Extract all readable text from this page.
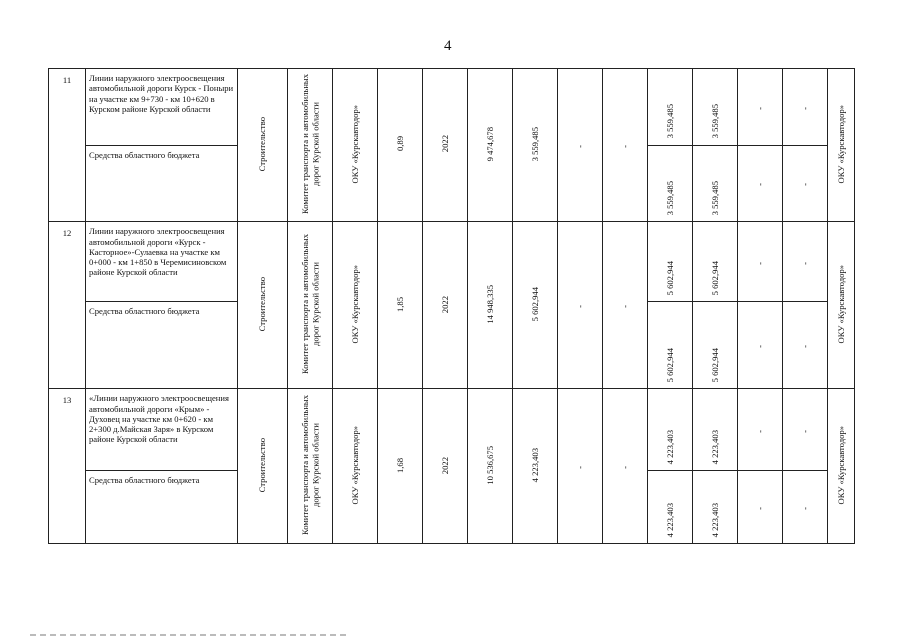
4
11	Линии наружного электроосвещения автомобильной дороги Курск - Поныри на участке км 9+730 - км 10+620 в Курском районе Курской области	Строительство	Комитет транспорта и автомобильных дорог Курской области	ОКУ «Курскавтодор»	0,89	2022	9 474,678	3 559,485	-	-	3 559,485	3 559,485	-	-	ОКУ «Курскавтодор»

	Средства областного бюджета										3 559,485	3 559,485	-	-	

12	Линии наружного электроосвещения автомобильной дороги «Курск - Касторное»-Сулаевка на участке км 0+000 - км 1+850 в Черемисиновском районе Курской области	Строительство	Комитет транспорта и автомобильных дорог Курской области	ОКУ «Курскавтодор»	1,85	2022	14 948,335	5 602,944	-	-	5 602,944	5 602,944	-	-	ОКУ «Курскавтодор»

	Средства областного бюджета										5 602,944	5 602,944	-	-	

13	«Линии наружного электроосвещения автомобильной дороги «Крым» - Духовец на участке км 0+620 - км 2+300 д.Майская Заря» в Курском районе Курской области	Строительство	Комитет транспорта и автомобильных дорог Курской области	ОКУ «Курскавтодор»	1,68	2022	10 536,675	4 223,403	-	-	4 223,403	4 223,403	-	-	ОКУ «Курскавтодор»

	Средства областного бюджета										4 223,403	4 223,403	-	-	
